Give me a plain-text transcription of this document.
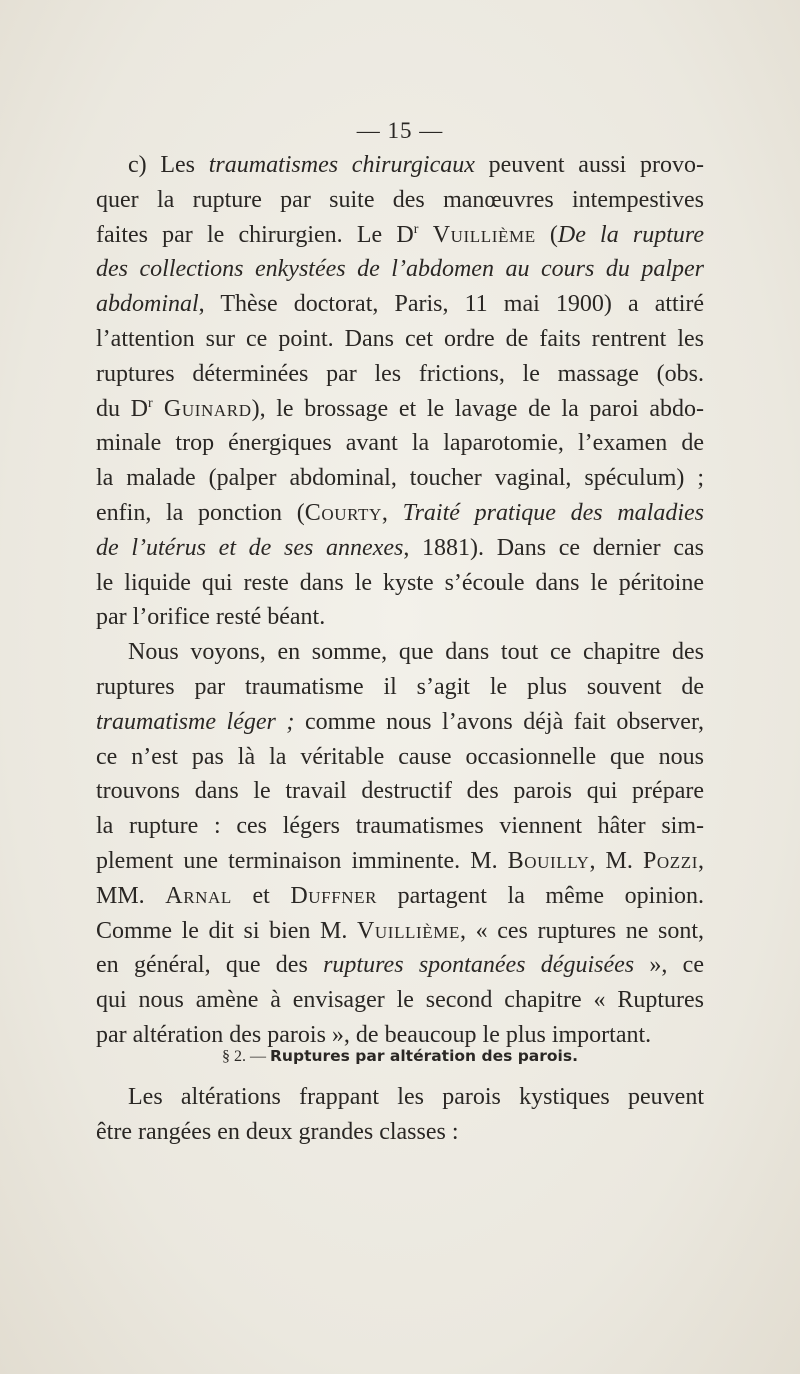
— 15 —
c) Les traumatismes chirurgicaux peuvent aussi provo-
quer la rupture par suite des manœuvres intempestives
faites par le chirurgien. Le $D^r$ Vuillième (De la rupture
des collections enkystées de l’abdomen au cours du palper
abdominal, Thèse doctorat, Paris, 11 mai 1900) a attiré
l’attention sur ce point. Dans cet ordre de faits rentrent les
ruptures déterminées par les frictions, le massage (obs.
du $D^r$ Guinard), le brossage et le lavage de la paroi abdo-
minale trop énergiques avant la laparotomie, l’examen de
la malade (palper abdominal, toucher vaginal, spéculum) ;
enfin, la ponction (Courty, Traité pratique des maladies
de l’utérus et de ses annexes, 1881). Dans ce dernier cas
le liquide qui reste dans le kyste s’écoule dans le péritoine
par l’orifice resté béant.
Nous voyons, en somme, que dans tout ce chapitre des
ruptures par traumatisme il s’agit le plus souvent de
traumatisme léger ; comme nous l’avons déjà fait observer,
ce n’est pas là la véritable cause occasionnelle que nous
trouvons dans le travail destructif des parois qui prépare
la rupture : ces légers traumatismes viennent hâter sim-
plement une terminaison imminente. M. Bouilly, M. Pozzi,
MM. Arnal et Duffner partagent la même opinion.
Comme le dit si bien M. Vuillième, « ces ruptures ne sont,
en général, que des ruptures spontanées déguisées », ce
qui nous amène à envisager le second chapitre « Ruptures
par altération des parois », de beaucoup le plus important.
§ 2. — Ruptures par altération des parois.
Les altérations frappant les parois kystiques peuvent
être rangées en deux grandes classes :
